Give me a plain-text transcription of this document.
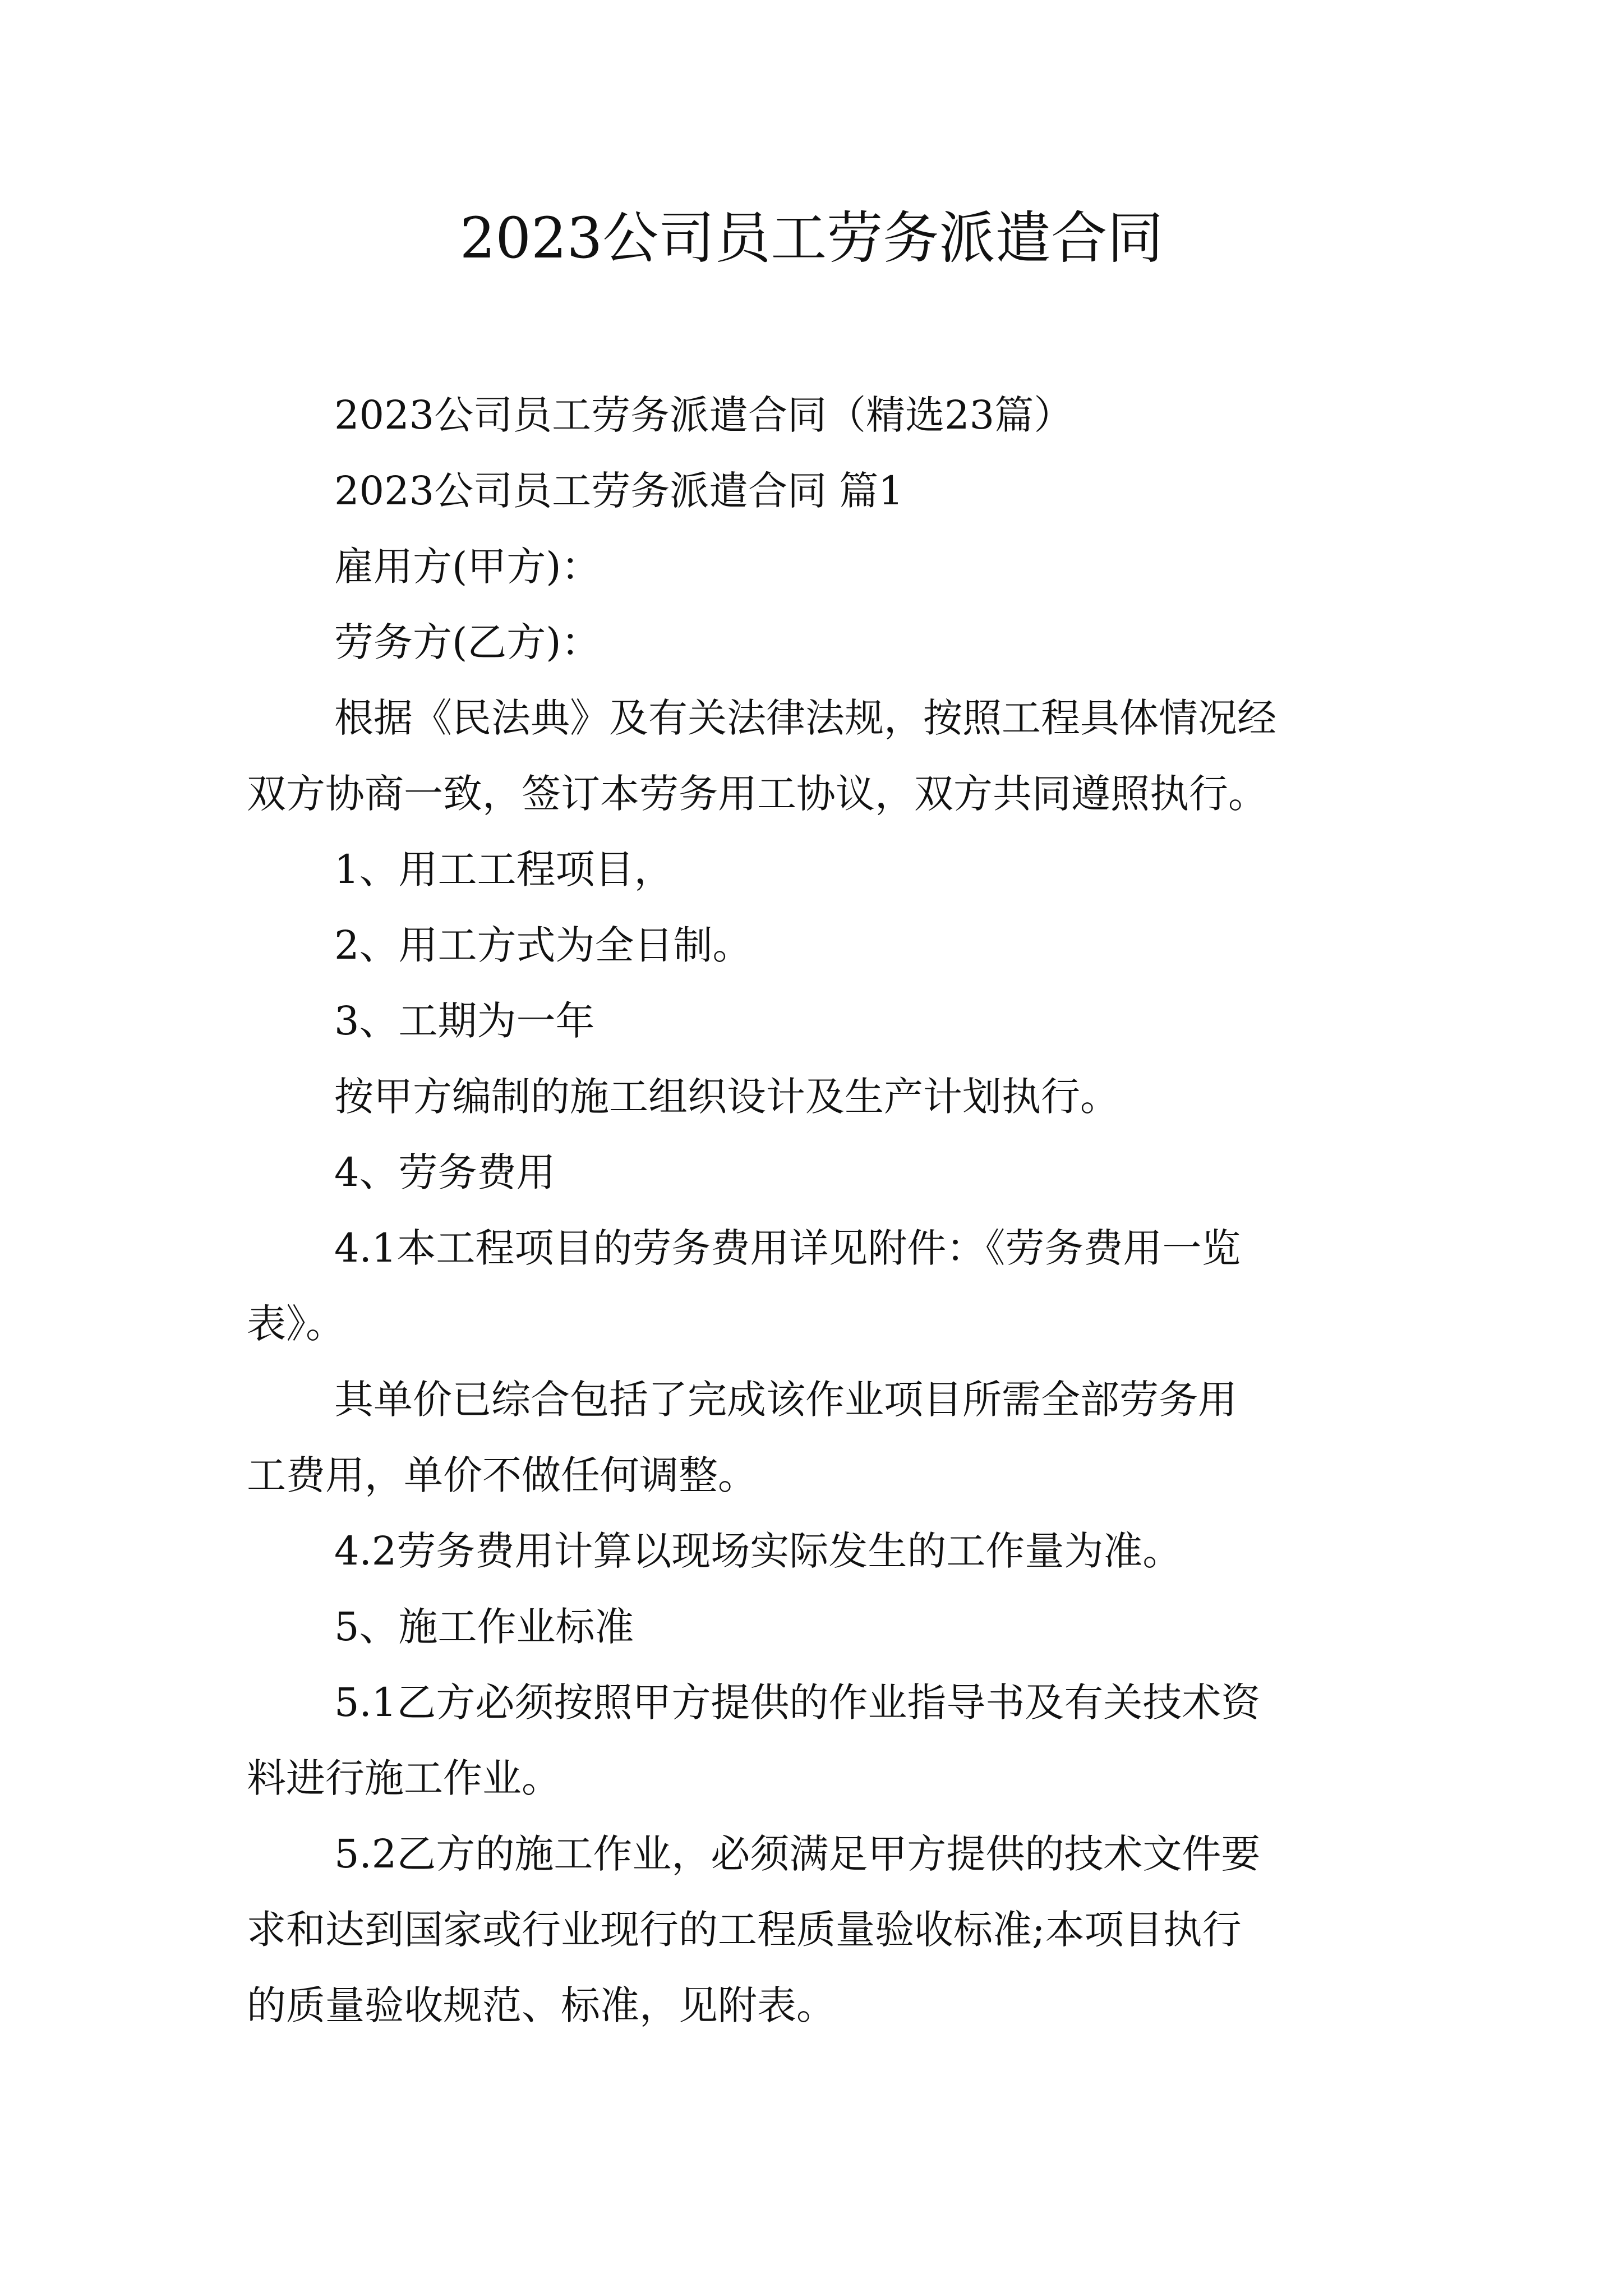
2023公司员工劳务派遣合同

2023公司员工劳务派遣合同（精选23篇）

2023公司员工劳务派遣合同 篇1

雇用方(甲方)：

劳务方(乙方)：

根据《民法典》及有关法律法规，按照工程具体情况经

双方协商一致，签订本劳务用工协议，双方共同遵照执行。

1、用工工程项目，

2、用工方式为全日制。

3、工期为一年

按甲方编制的施工组织设计及生产计划执行。

4、劳务费用

4.1本工程项目的劳务费用详见附件：《劳务费用一览

表》。

其单价已综合包括了完成该作业项目所需全部劳务用

工费用，单价不做任何调整。

4.2劳务费用计算以现场实际发生的工作量为准。

5、施工作业标准

5.1乙方必须按照甲方提供的作业指导书及有关技术资

料进行施工作业。

5.2乙方的施工作业，必须满足甲方提供的技术文件要

求和达到国家或行业现行的工程质量验收标准;本项目执行

的质量验收规范、标准，见附表。
